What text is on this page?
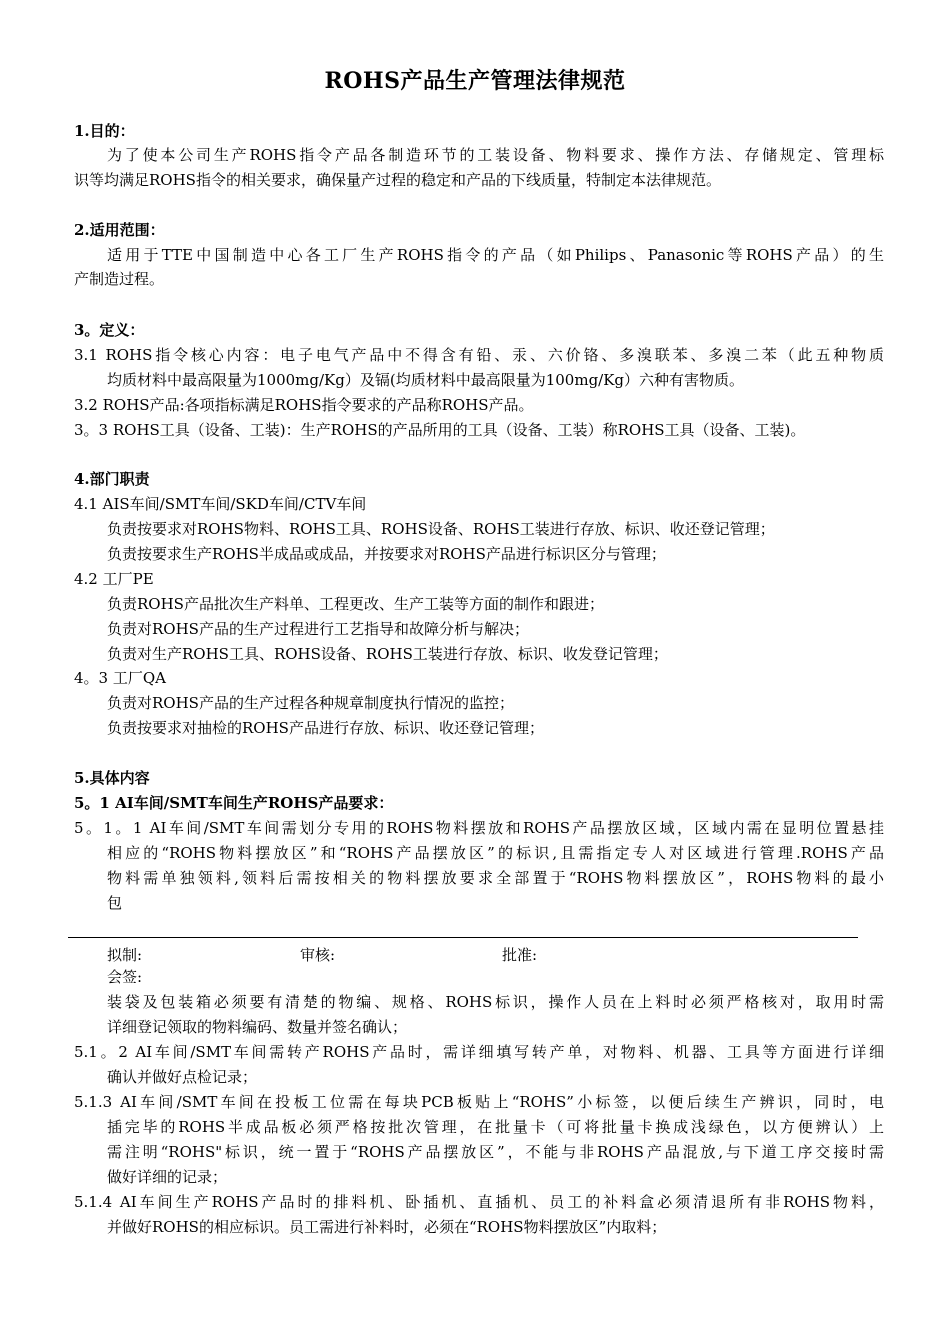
ROHS产品生产管理法律规范
1.目的：
为了使本公司生产ROHS指令产品各制造环节的工装设备、物料要求、操作方法、存储规定、管理标
识等均满足ROHS指令的相关要求，确保量产过程的稳定和产品的下线质量，特制定本法律规范。
2.适用范围：
适用于TTE中国制造中心各工厂生产ROHS指令的产品（如Philips、Panasonic等ROHS产品）的生
产制造过程。
3。定义：
3.1 ROHS指令核心内容：电子电气产品中不得含有铅、汞、六价铬、多溴联苯、多溴二苯（此五种物质
均质材料中最高限量为1000mg/Kg）及镉(均质材料中最高限量为100mg/Kg）六种有害物质。
3.2 ROHS产品:各项指标满足ROHS指令要求的产品称ROHS产品。
3。3 ROHS工具（设备、工装)：生产ROHS的产品所用的工具（设备、工装）称ROHS工具（设备、工装)。
4.部门职责
4.1 AIS车间/SMT车间/SKD车间/CTV车间
负责按要求对ROHS物料、ROHS工具、ROHS设备、ROHS工装进行存放、标识、收还登记管理；
负责按要求生产ROHS半成品或成品，并按要求对ROHS产品进行标识区分与管理；
4.2 工厂PE
负责ROHS产品批次生产料单、工程更改、生产工装等方面的制作和跟进；
负责对ROHS产品的生产过程进行工艺指导和故障分析与解决；
负责对生产ROHS工具、ROHS设备、ROHS工装进行存放、标识、收发登记管理；
4。3 工厂QA
负责对ROHS产品的生产过程各种规章制度执行情况的监控；
负责按要求对抽检的ROHS产品进行存放、标识、收还登记管理；
5.具体内容
5。1 AI车间/SMT车间生产ROHS产品要求：
5。1。1 AI车间/SMT车间需划分专用的ROHS物料摆放和ROHS产品摆放区域，区域内需在显明位置悬挂
相应的“ROHS物料摆放区”和“ROHS产品摆放区”的标识,且需指定专人对区域进行管理.ROHS产品
物料需单独领料,领料后需按相关的物料摆放要求全部置于“ROHS物料摆放区”，ROHS物料的最小
包
拟制:	审核:	批准:
会签:
装袋及包装箱必须要有清楚的物编、规格、ROHS标识，操作人员在上料时必须严格核对，取用时需
详细登记领取的物料编码、数量并签名确认；
5.1。2 AI车间/SMT车间需转产ROHS产品时，需详细填写转产单，对物料、机器、工具等方面进行详细
确认并做好点检记录；
5.1.3 AI车间/SMT车间在投板工位需在每块PCB板贴上“ROHS”小标签，以便后续生产辨识，同时，电
插完毕的ROHS半成品板必须严格按批次管理，在批量卡（可将批量卡换成浅绿色，以方便辨认）上
需注明“ROHS"标识，统一置于“ROHS产品摆放区”，不能与非ROHS产品混放,与下道工序交接时需
做好详细的记录；
5.1.4 AI车间生产ROHS产品时的排料机、卧插机、直插机、员工的补料盒必须清退所有非ROHS物料，
并做好ROHS的相应标识。员工需进行补料时，必须在“ROHS物料摆放区”内取料；
